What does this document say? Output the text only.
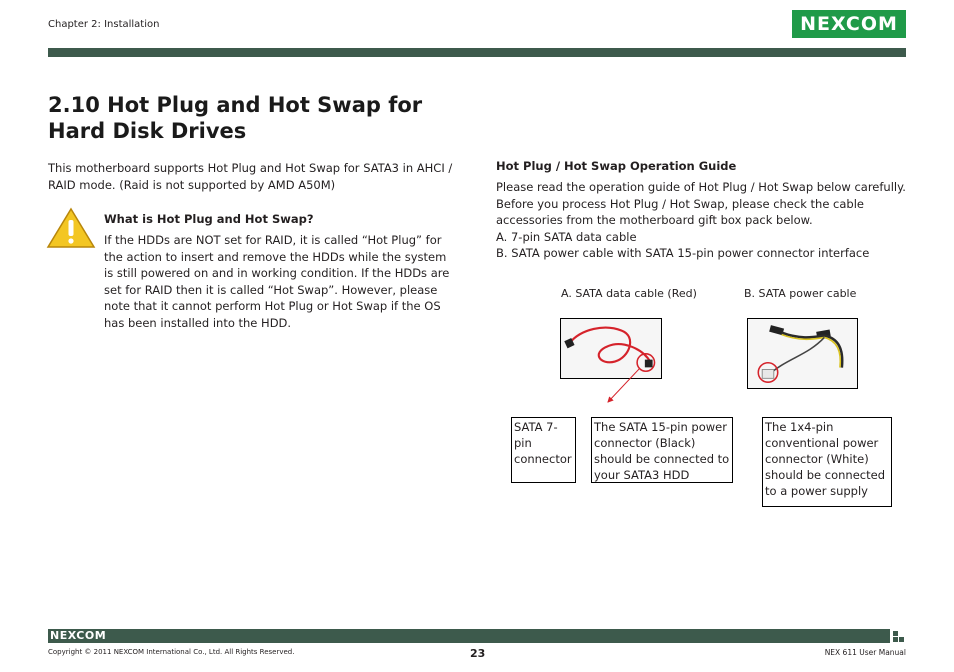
Chapter 2: Installation	NEXCOM
2.10 Hot Plug and Hot Swap for Hard Disk Drives

This motherboard supports Hot Plug and Hot Swap for SATA3 in AHCI / RAID mode. (Raid is not supported by AMD A50M)

What is Hot Plug and Hot Swap?

If the HDDs are NOT set for RAID, it is called “Hot Plug” for the action to insert and remove the HDDs while the system is still powered on and in working condition. If the HDDs are set for RAID then it is called “Hot Swap”. However, please note that it cannot perform Hot Plug or Hot Swap if the OS has been installed into the HDD.

Hot Plug / Hot Swap Operation Guide
Please read the operation guide of Hot Plug / Hot Swap below carefully.
Before you process Hot Plug / Hot Swap, please check the cable accessories from the motherboard gift box pack below.
A. 7-pin SATA data cable
B. SATA power cable with SATA 15-pin power connector interface
A. SATA data cable (Red)	B. SATA power cable
SATA 7-pin connector
The SATA 15-pin power connector (Black) should be connected to your SATA3 HDD
The 1x4-pin conventional power connector (White) should be connected to a power supply
NEXCOM
Copyright © 2011 NEXCOM International Co., Ltd. All Rights Reserved.	23	NEX 611 User Manual
